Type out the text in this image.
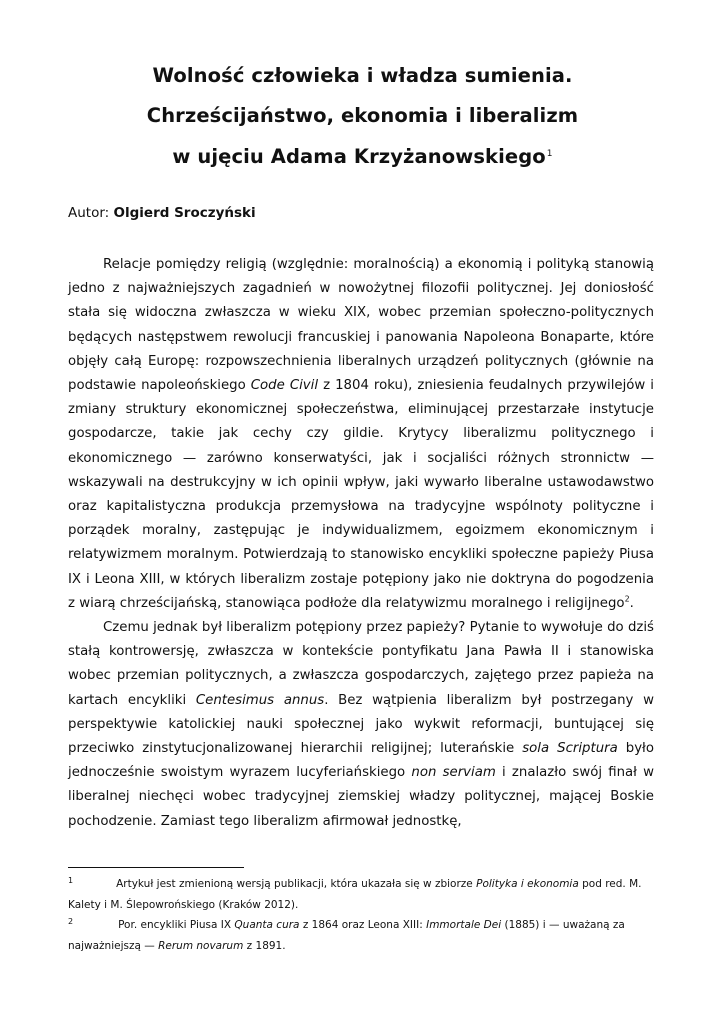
Wolność człowieka i władza sumienia.
Chrześcijaństwo, ekonomia i liberalizm
w ujęciu Adama Krzyżanowskiego$^1$
Autor: Olgierd Sroczyński

Relacje pomiędzy religią (względnie: moralnością) a ekonomią i polityką stanowią jedno z najważniejszych zagadnień w nowożytnej filozofii politycznej. Jej doniosłość stała się widoczna zwłaszcza w wieku XIX, wobec przemian społeczno-politycznych będących następstwem rewolucji francuskiej i panowania Napoleona Bonaparte, które objęły całą Europę: rozpowszechnienia liberalnych urządzeń politycznych (głównie na podstawie napoleońskiego Code Civil z 1804 roku), zniesienia feudalnych przywilejów i zmiany struktury ekonomicznej społeczeństwa, eliminującej przestarzałe instytucje gospodarcze, takie jak cechy czy gildie. Krytycy liberalizmu politycznego i ekonomicznego — zarówno konserwatyści, jak i socjaliści różnych stronnictw — wskazywali na destrukcyjny w ich opinii wpływ, jaki wywarło liberalne ustawodawstwo oraz kapitalistyczna produkcja przemysłowa na tradycyjne wspólnoty polityczne i porządek moralny, zastępując je indywidualizmem, egoizmem ekonomicznym i relatywizmem moralnym. Potwierdzają to stanowisko encykliki społeczne papieży Piusa IX i Leona XIII, w których liberalizm zostaje potępiony jako nie doktryna do pogodzenia z wiarą chrześcijańską, stanowiąca podłoże dla relatywizmu moralnego i religijnego$^2$.

Czemu jednak był liberalizm potępiony przez papieży? Pytanie to wywołuje do dziś stałą kontrowersję, zwłaszcza w kontekście pontyfikatu Jana Pawła II i stanowiska wobec przemian politycznych, a zwłaszcza gospodarczych, zajętego przez papieża na kartach encykliki Centesimus annus. Bez wątpienia liberalizm był postrzegany w perspektywie katolickiej nauki społecznej jako wykwit reformacji, buntującej się przeciwko zinstytucjonalizowanej hierarchii religijnej; luterańskie sola Scriptura było jednocześnie swoistym wyrazem lucyferiańskiego non serviam i znalazło swój finał w liberalnej niechęci wobec tradycyjnej ziemskiej władzy politycznej, mającej Boskie pochodzenie. Zamiast tego liberalizm afirmował jednostkę,

1	Artykuł jest zmienioną wersją publikacji, która ukazała się w zbiorze Polityka i ekonomia pod red. M. Kalety i M. Ślepowrońskiego (Kraków 2012).

2	Por. encykliki Piusa IX Quanta cura z 1864 oraz Leona XIII: Immortale Dei (1885) i — uważaną za najważniejszą — Rerum novarum z 1891.
